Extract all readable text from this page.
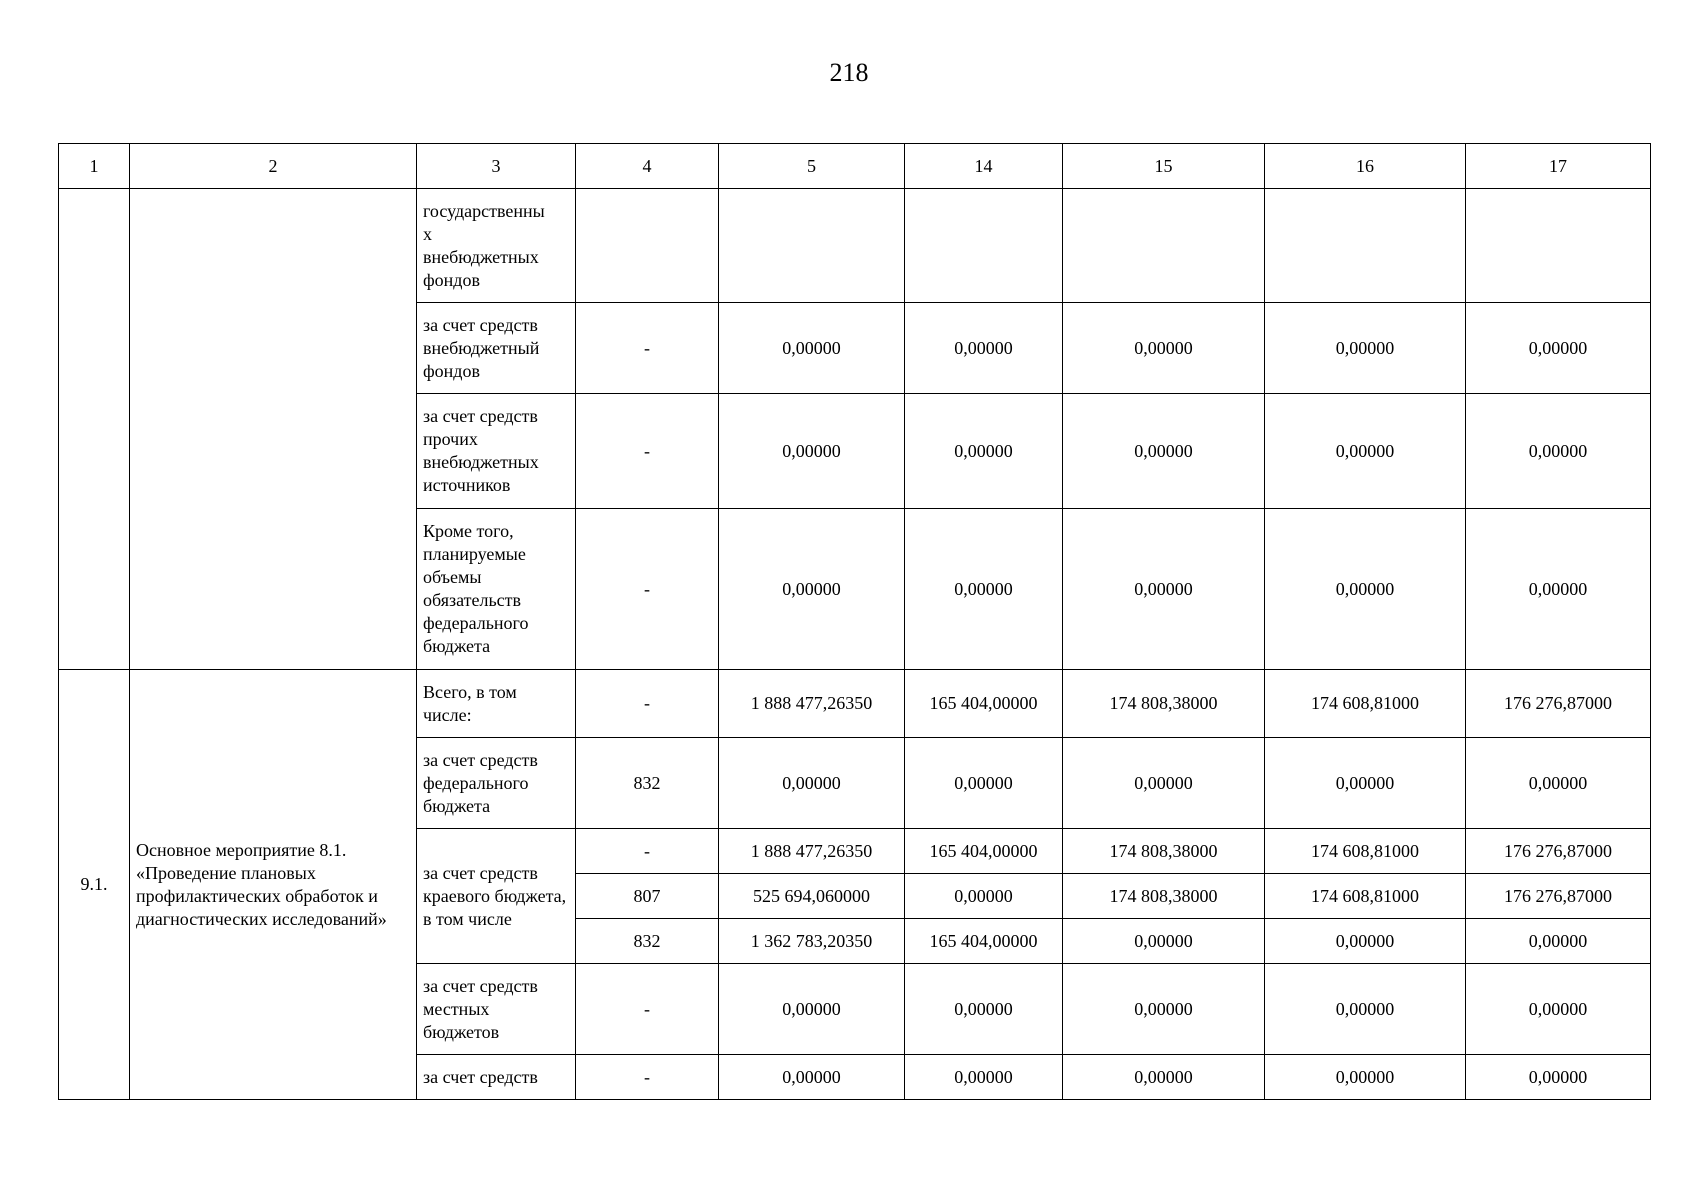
218
1	2	3	4	5	14	15	16	17
		государственны
х
внебюджетных
фондов						
		за счет средств внебюджетный фондов	-	0,00000	0,00000	0,00000	0,00000	0,00000
		за счет средств прочих внебюджетных источников	-	0,00000	0,00000	0,00000	0,00000	0,00000
		Кроме того, планируемые объемы обязательств федерального бюджета	-	0,00000	0,00000	0,00000	0,00000	0,00000
9.1.	Основное мероприятие 8.1. «Проведение плановых профилактических обработок и диагностических исследований»	Всего, в том числе:	-	1 888 477,26350	165 404,00000	174 808,38000	174 608,81000	176 276,87000
		за счет средств федерального бюджета	832	0,00000	0,00000	0,00000	0,00000	0,00000
		за счет средств краевого бюджета, в том числе	-	1 888 477,26350	165 404,00000	174 808,38000	174 608,81000	176 276,87000
			807	525 694,060000	0,00000	174 808,38000	174 608,81000	176 276,87000
			832	1 362 783,20350	165 404,00000	0,00000	0,00000	0,00000
		за счет средств местных бюджетов	-	0,00000	0,00000	0,00000	0,00000	0,00000
		за счет средств	-	0,00000	0,00000	0,00000	0,00000	0,00000
